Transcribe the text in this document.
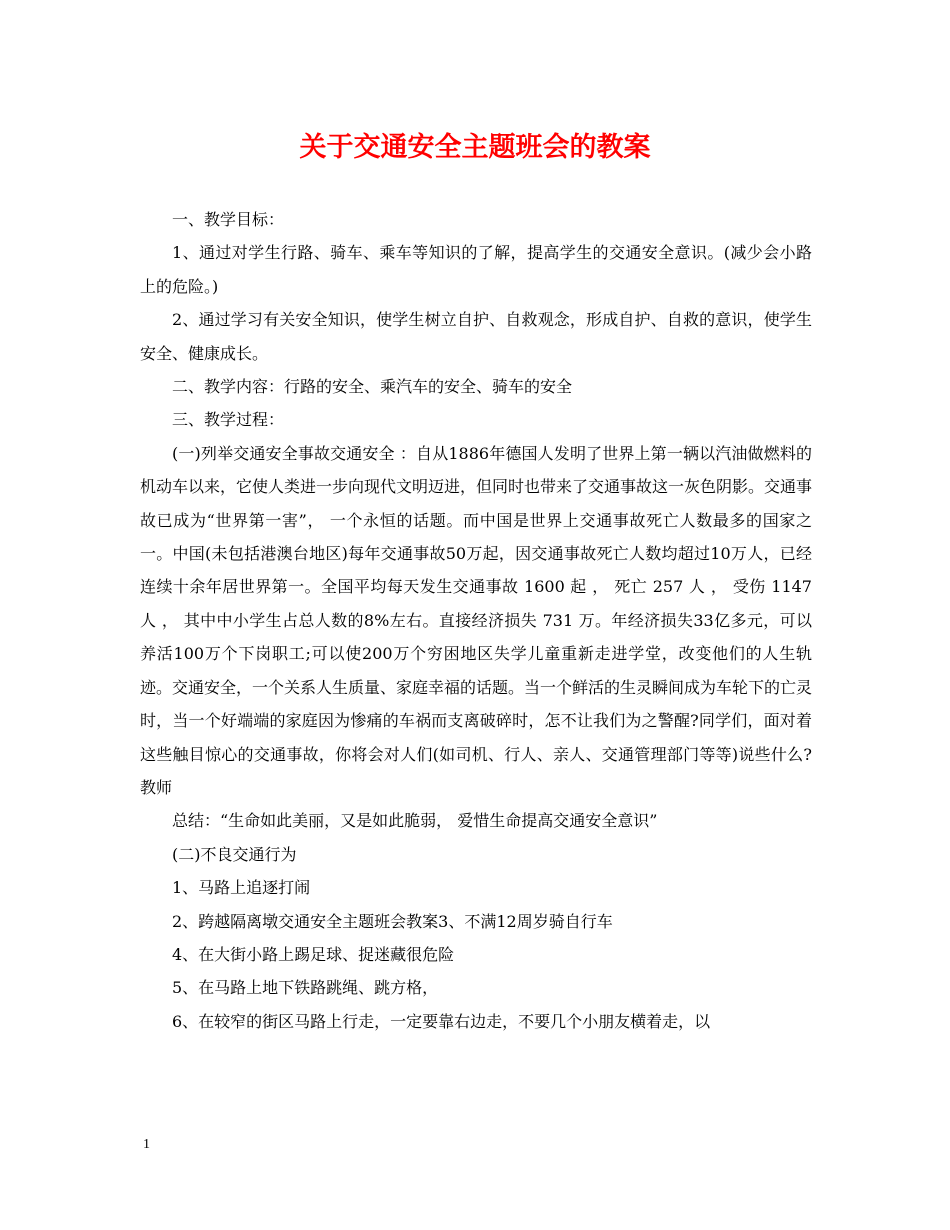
关于交通安全主题班会的教案

一、教学目标：

1、通过对学生行路、骑车、乘车等知识的了解，提高学生的交通安全意识。(减少会小路 上的危险。)

2、通过学习有关安全知识，使学生树立自护、自救观念，形成自护、自救的意识，使学生安全、健康成长。

二、教学内容：行路的安全、乘汽车的安全、骑车的安全

三、教学过程：

(一)列举交通安全事故交通安全 ：自从1886年德国人发明了世界上第一辆以汽油做燃料的机动车以来，它使人类进一步向现代文明迈进，但同时也带来了交通事故这一灰色阴影。交通事故已成为“世界第一害”， 一个永恒的话题。而中国是世界上交通事故死亡人数最多的国家之一。中国(未包括港澳台地区)每年交通事故50万起，因交通事故死亡人数均超过10万人，已经连续十余年居世界第一。全国平均每天发生交通事故 1600 起 ， 死亡 257 人 ， 受伤 1147 人 ， 其中中小学生占总人数的8%左右。直接经济损失 731 万。年经济损失33亿多元，可以养活100万个下岗职工;可以使200万个穷困地区失学儿童重新走进学堂，改变他们的人生轨迹。交通安全，一个关系人生质量、家庭幸福的话题。当一个鲜活的生灵瞬间成为车轮下的亡灵时，当一个好端端的家庭因为惨痛的车祸而支离破碎时，怎不让我们为之警醒?同学们，面对着这些触目惊心的交通事故，你将会对人们(如司机、行人、亲人、交通管理部门等等)说些什么?教师

总结：“生命如此美丽，又是如此脆弱， 爱惜生命提高交通安全意识”

(二)不良交通行为

1、马路上追逐打闹

2、跨越隔离墩交通安全主题班会教案3、不满12周岁骑自行车

4、在大街小路上踢足球、捉迷藏很危险

5、在马路上地下铁路跳绳、跳方格，

6、在较窄的街区马路上行走，一定要靠右边走，不要几个小朋友横着走，以

1
